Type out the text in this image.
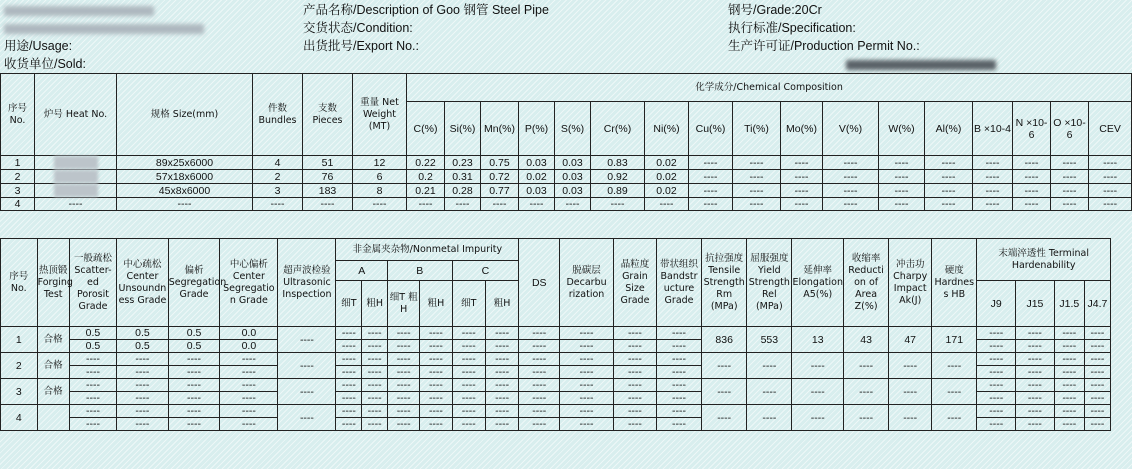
产品名称/Description of Goo 钢管 Steel Pipe	钢号/Grade:20Cr
交货状态/Condition:	执行标准/Specification:
用途/Usage:	出货批号/Export No.:	生产许可证/Production Permit No.:
收货单位/Sold:
序号 No.	炉号 Heat No.	规格 Size(mm)	件数 Bundles	支数 Pieces	重量 Net Weight (MT)	化学成分/Chemical Composition																
						C(%)	Si(%)	Mn(%)	P(%)	S(%)	Cr(%)	Ni(%)	Cu(%)	Ti(%)	Mo(%)	V(%)	W(%)	Al(%)	B ×10-4	N ×10-6	O ×10-6	CEV
1		89x25x6000	4	51	12	0.22	0.23	0.75	0.03	0.03	0.83	0.02	----	----	----	----	----	----	----	----	----	----
2		57x18x6000	2	76	6	0.2	0.31	0.72	0.02	0.03	0.92	0.02	----	----	----	----	----	----	----	----	----	----
3		45x8x6000	3	183	8	0.21	0.28	0.77	0.03	0.03	0.89	0.02	----	----	----	----	----	----	----	----	----	----
4	----	----	----	----	----	----	----	----	----	----	----	----	----	----	----	----	----	----	----	----	----	----
序号 No.	热顶锻 Forging Test	一般疏松 Scatter-ed Porosit Grade	中心疏松 Center Unsoundn ess Grade	偏析 Segregation Grade	中心偏析 Center Segregatio n Grade	超声波检验 Ultrasonic Inspection	非金属夹杂物/Nonmetal Impurity						DS	脱碳层 Decarbu rization	晶粒度 Grain Size Grade	带状组织 Bandstr ucture Grade	抗拉强度 Tensile Strength Rm (MPa)	屈服强度 Yield Strength Rel (MPa)	延伸率 Elongation A5(%)	收缩率 Reducti on of Area Z(%)	冲击功 Charpy Impact Ak(J)	硬度 Hardnes s HB	末端淬透性 Terminal Hardenability			
							A		B		C															
							细T	粗H	细T 粗H	粗H	细T	粗H											J9	J15	J1.5	J4.7
1	合格	0.5	0.5	0.5	0.0	----	----	----	----	----	----	----	----	----	----	----	836	553	13	43	47	171	----	----	----	----
		0.5	0.5	0.5	0.0		----	----	----	----	----	----	----	----	----	----							----	----	----	----
2	合格	----	----	----	----	----	----	----	----	----	----	----	----	----	----	----	----	----	----	----	----	----	----	----	----	----
		----	----	----	----		----	----	----	----	----	----	----	----	----	----							----	----	----	----
3	合格	----	----	----	----	----	----	----	----	----	----	----	----	----	----	----	----	----	----	----	----	----	----	----	----	----
		----	----	----	----		----	----	----	----	----	----	----	----	----	----							----	----	----	----
4		----	----	----	----	----	----	----	----	----	----	----	----	----	----	----	----	----	----	----	----	----	----	----	----	----
		----	----	----	----		----	----	----	----	----	----	----	----	----	----							----	----	----	----
